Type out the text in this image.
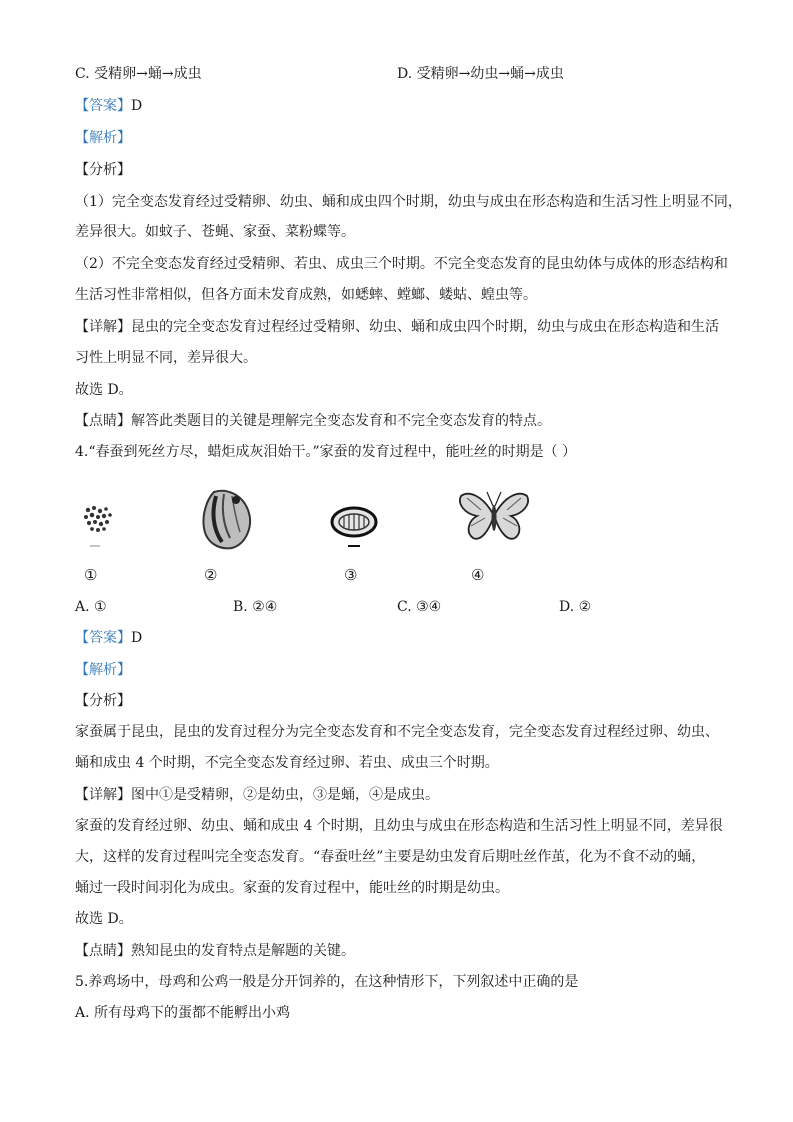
C. 受精卵→蛹→成虫	D. 受精卵→幼虫→蛹→成虫
【答案】D
【解析】
【分析】
（1）完全变态发育经过受精卵、幼虫、蛹和成虫四个时期，幼虫与成虫在形态构造和生活习性上明显不同，
差异很大。如蚊子、苍蝇、家蚕、菜粉蝶等。
（2）不完全变态发育经过受精卵、若虫、成虫三个时期。不完全变态发育的昆虫幼体与成体的形态结构和
生活习性非常相似，但各方面未发育成熟，如蟋蟀、螳螂、蝼蛄、蝗虫等。
【详解】昆虫的完全变态发育过程经过受精卵、幼虫、蛹和成虫四个时期，幼虫与成虫在形态构造和生活
习性上明显不同，差异很大。
故选 D。
【点睛】解答此类题目的关键是理解完全变态发育和不完全变态发育的特点。
4.“春蚕到死丝方尽，蜡炬成灰泪始干。”家蚕的发育过程中，能吐丝的时期是（ ）
①	②	③	④
A. ①	B. ②④	C. ③④	D. ②
【答案】D
【解析】
【分析】
家蚕属于昆虫，昆虫的发育过程分为完全变态发育和不完全变态发育，完全变态发育过程经过卵、幼虫、
蛹和成虫 4 个时期，不完全变态发育经过卵、若虫、成虫三个时期。
【详解】图中①是受精卵，②是幼虫，③是蛹，④是成虫。
家蚕的发育经过卵、幼虫、蛹和成虫 4 个时期，且幼虫与成虫在形态构造和生活习性上明显不同，差异很
大，这样的发育过程叫完全变态发育。“春蚕吐丝”主要是幼虫发育后期吐丝作茧，化为不食不动的蛹，
蛹过一段时间羽化为成虫。家蚕的发育过程中，能吐丝的时期是幼虫。
故选 D。
【点睛】熟知昆虫的发育特点是解题的关键。
5.养鸡场中，母鸡和公鸡一般是分开饲养的，在这种情形下，下列叙述中正确的是
A. 所有母鸡下的蛋都不能孵出小鸡
